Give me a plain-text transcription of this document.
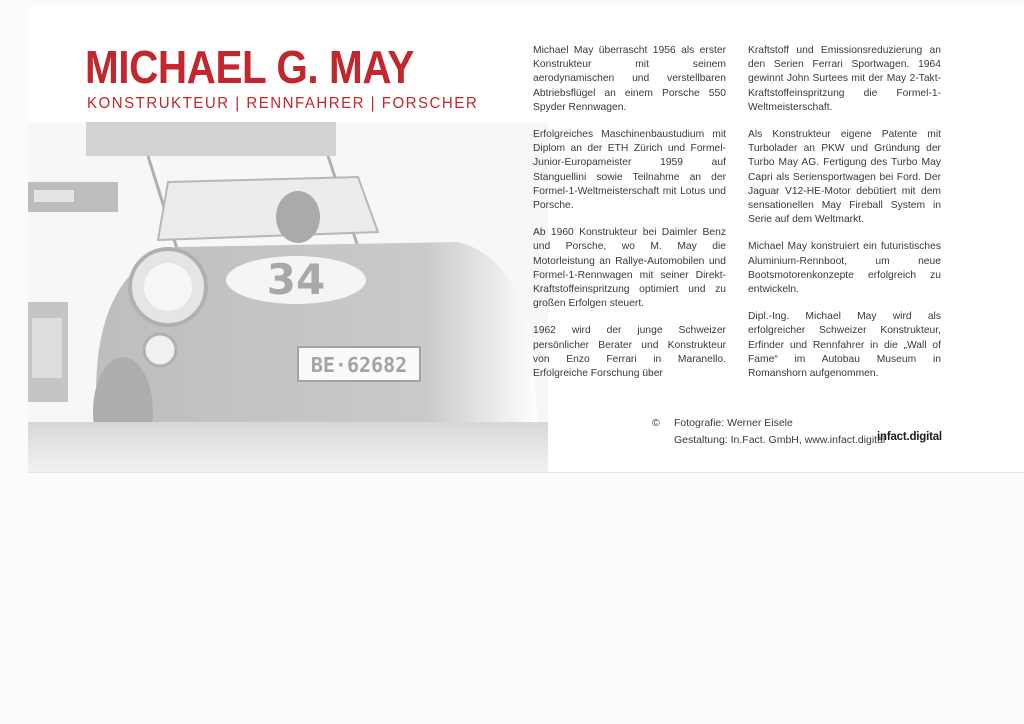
34
BE·62682
MICHAEL G. MAY
KONSTRUKTEUR | RENNFAHRER | FORSCHER

Michael May überrascht 1956 als erster Konstrukteur mit seinem aerodynamischen und verstellbaren Abtriebsflügel an einem Porsche 550 Spyder Rennwagen.

Erfolgreiches Maschinenbaustudium mit Diplom an der ETH Zürich und Formel-Junior-Europameister 1959 auf Stanguellini sowie Teilnahme an der Formel-1-Weltmeisterschaft mit Lotus und Porsche.

Ab 1960 Konstrukteur bei Daimler Benz und Porsche, wo M. May die Motorleistung an Rallye-Automobilen und Formel-1-Rennwagen mit seiner Direkt-Kraftstoffeinspritzung optimiert und zu großen Erfolgen steuert.

1962 wird der junge Schweizer persönlicher Berater und Konstrukteur von Enzo Ferrari in Maranello. Erfolgreiche Forschung über

Kraftstoff und Emissionsreduzierung an den Serien Ferrari Sportwagen. 1964 gewinnt John Surtees mit der May 2-Takt-Kraftstoffeinspritzung die Formel-1-Weltmeisterschaft.

Als Konstrukteur eigene Patente mit Turbolader an PKW und Gründung der Turbo May AG. Fertigung des Turbo May Capri als Seriensportwagen bei Ford. Der Jaguar V12-HE-Motor debütiert mit dem sensationellen May Fireball System in Serie auf dem Weltmarkt.

Michael May konstruiert ein futuristisches Aluminium-Rennboot, um neue Bootsmotorenkonzepte erfolgreich zu entwickeln.

Dipl.-Ing. Michael May wird als erfolgreicher Schweizer Konstrukteur, Erfinder und Rennfahrer in die „Wall of Fame“ im Autobau Museum in Romanshorn aufgenommen.

© Fotografie: Werner Eisele
Gestaltung: In.Fact. GmbH, www.infact.digital
infact.digital
